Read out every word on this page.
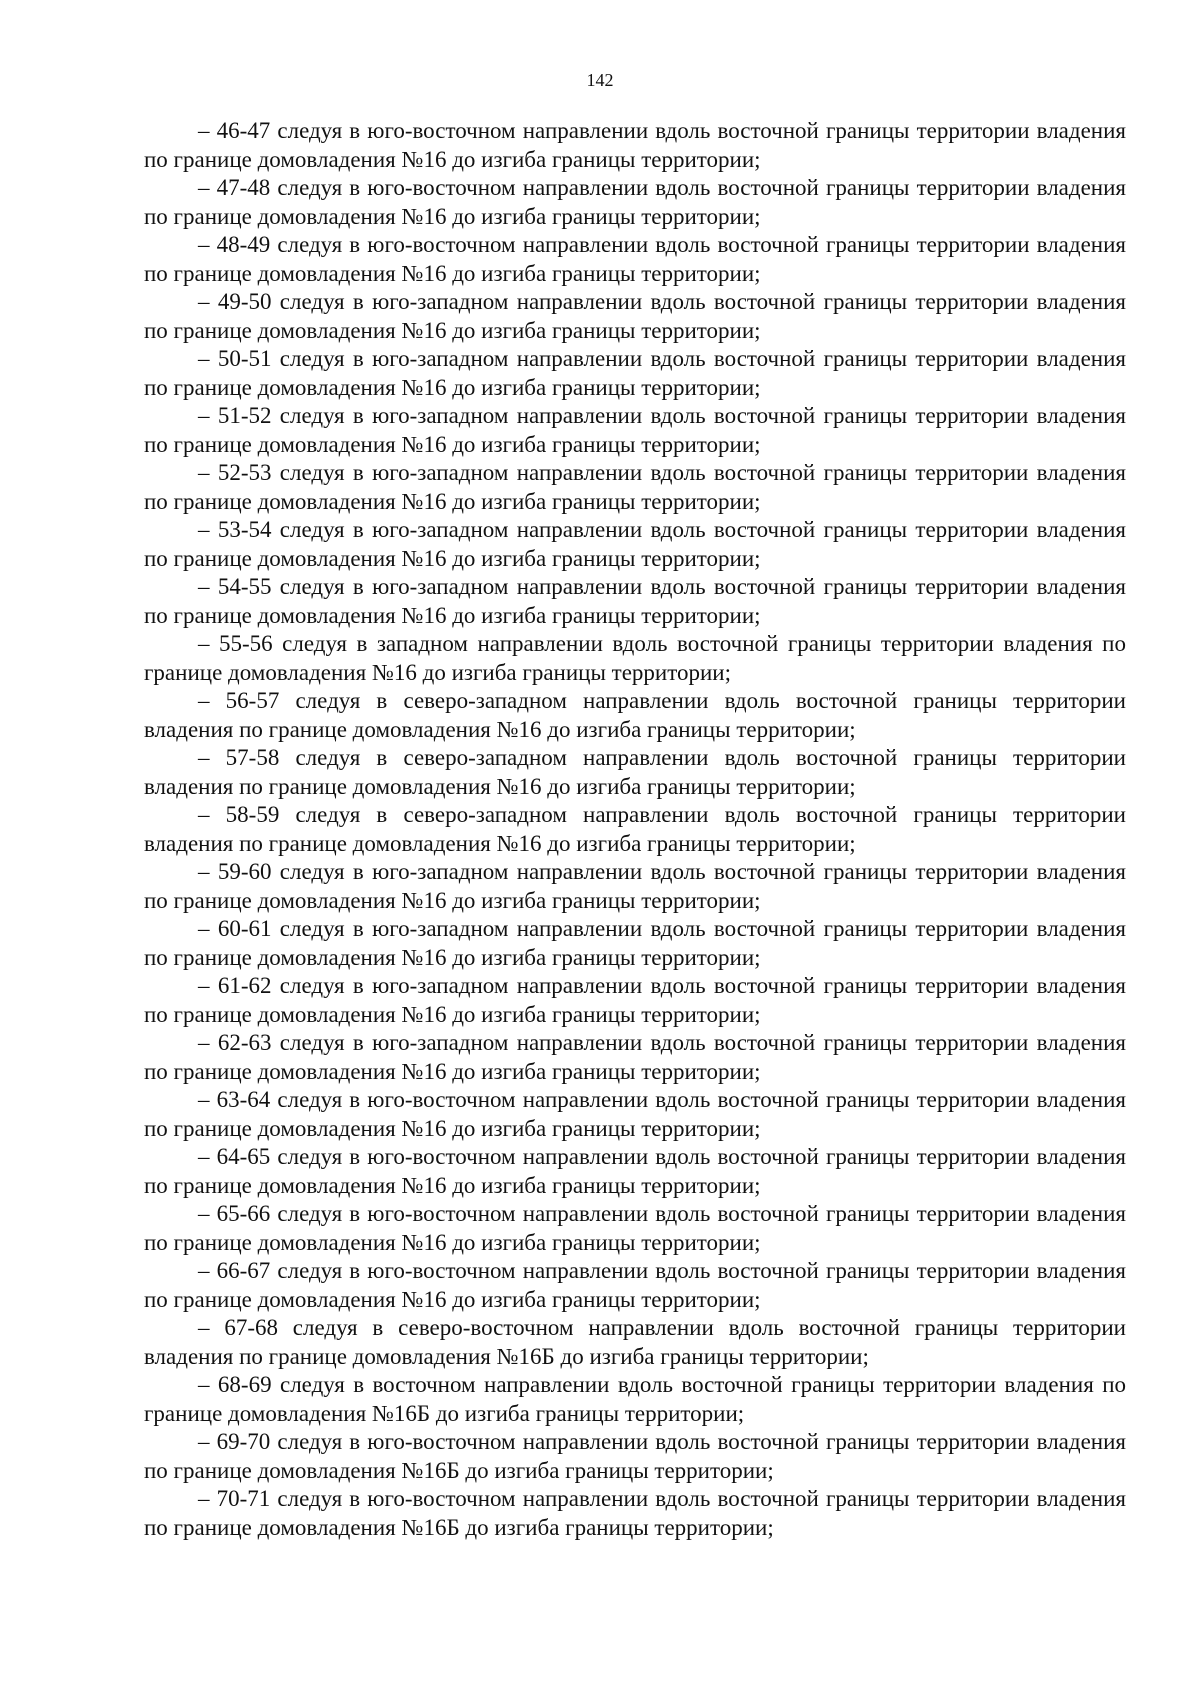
142

– 46-47 следуя в юго-восточном направлении вдоль восточной границы территории владения по границе домовладения №16 до изгиба границы территории;

– 47-48 следуя в юго-восточном направлении вдоль восточной границы территории владения по границе домовладения №16 до изгиба границы территории;

– 48-49 следуя в юго-восточном направлении вдоль восточной границы территории владения по границе домовладения №16 до изгиба границы территории;

– 49-50 следуя в юго-западном направлении вдоль восточной границы территории владения по границе домовладения №16 до изгиба границы территории;

– 50-51 следуя в юго-западном направлении вдоль восточной границы территории владения по границе домовладения №16 до изгиба границы территории;

– 51-52 следуя в юго-западном направлении вдоль восточной границы территории владения по границе домовладения №16 до изгиба границы территории;

– 52-53 следуя в юго-западном направлении вдоль восточной границы территории владения по границе домовладения №16 до изгиба границы территории;

– 53-54 следуя в юго-западном направлении вдоль восточной границы территории владения по границе домовладения №16 до изгиба границы территории;

– 54-55 следуя в юго-западном направлении вдоль восточной границы территории владения по границе домовладения №16 до изгиба границы территории;

– 55-56 следуя в западном направлении вдоль восточной границы территории владения по границе домовладения №16 до изгиба границы территории;

– 56-57 следуя в северо-западном направлении вдоль восточной границы территории владения по границе домовладения №16 до изгиба границы территории;

– 57-58 следуя в северо-западном направлении вдоль восточной границы территории владения по границе домовладения №16 до изгиба границы территории;

– 58-59 следуя в северо-западном направлении вдоль восточной границы территории владения по границе домовладения №16 до изгиба границы территории;

– 59-60 следуя в юго-западном направлении вдоль восточной границы территории владения по границе домовладения №16 до изгиба границы территории;

– 60-61 следуя в юго-западном направлении вдоль восточной границы территории владения по границе домовладения №16 до изгиба границы территории;

– 61-62 следуя в юго-западном направлении вдоль восточной границы территории владения по границе домовладения №16 до изгиба границы территории;

– 62-63 следуя в юго-западном направлении вдоль восточной границы территории владения по границе домовладения №16 до изгиба границы территории;

– 63-64 следуя в юго-восточном направлении вдоль восточной границы территории владения по границе домовладения №16 до изгиба границы территории;

– 64-65 следуя в юго-восточном направлении вдоль восточной границы территории владения по границе домовладения №16 до изгиба границы территории;

– 65-66 следуя в юго-восточном направлении вдоль восточной границы территории владения по границе домовладения №16 до изгиба границы территории;

– 66-67 следуя в юго-восточном направлении вдоль восточной границы территории владения по границе домовладения №16 до изгиба границы территории;

– 67-68 следуя в северо-восточном направлении вдоль восточной границы территории владения по границе домовладения №16Б до изгиба границы территории;

– 68-69 следуя в восточном направлении вдоль восточной границы территории владения по границе домовладения №16Б до изгиба границы территории;

– 69-70 следуя в юго-восточном направлении вдоль восточной границы территории владения по границе домовладения №16Б до изгиба границы территории;

– 70-71 следуя в юго-восточном направлении вдоль восточной границы территории владения по границе домовладения №16Б до изгиба границы территории;
